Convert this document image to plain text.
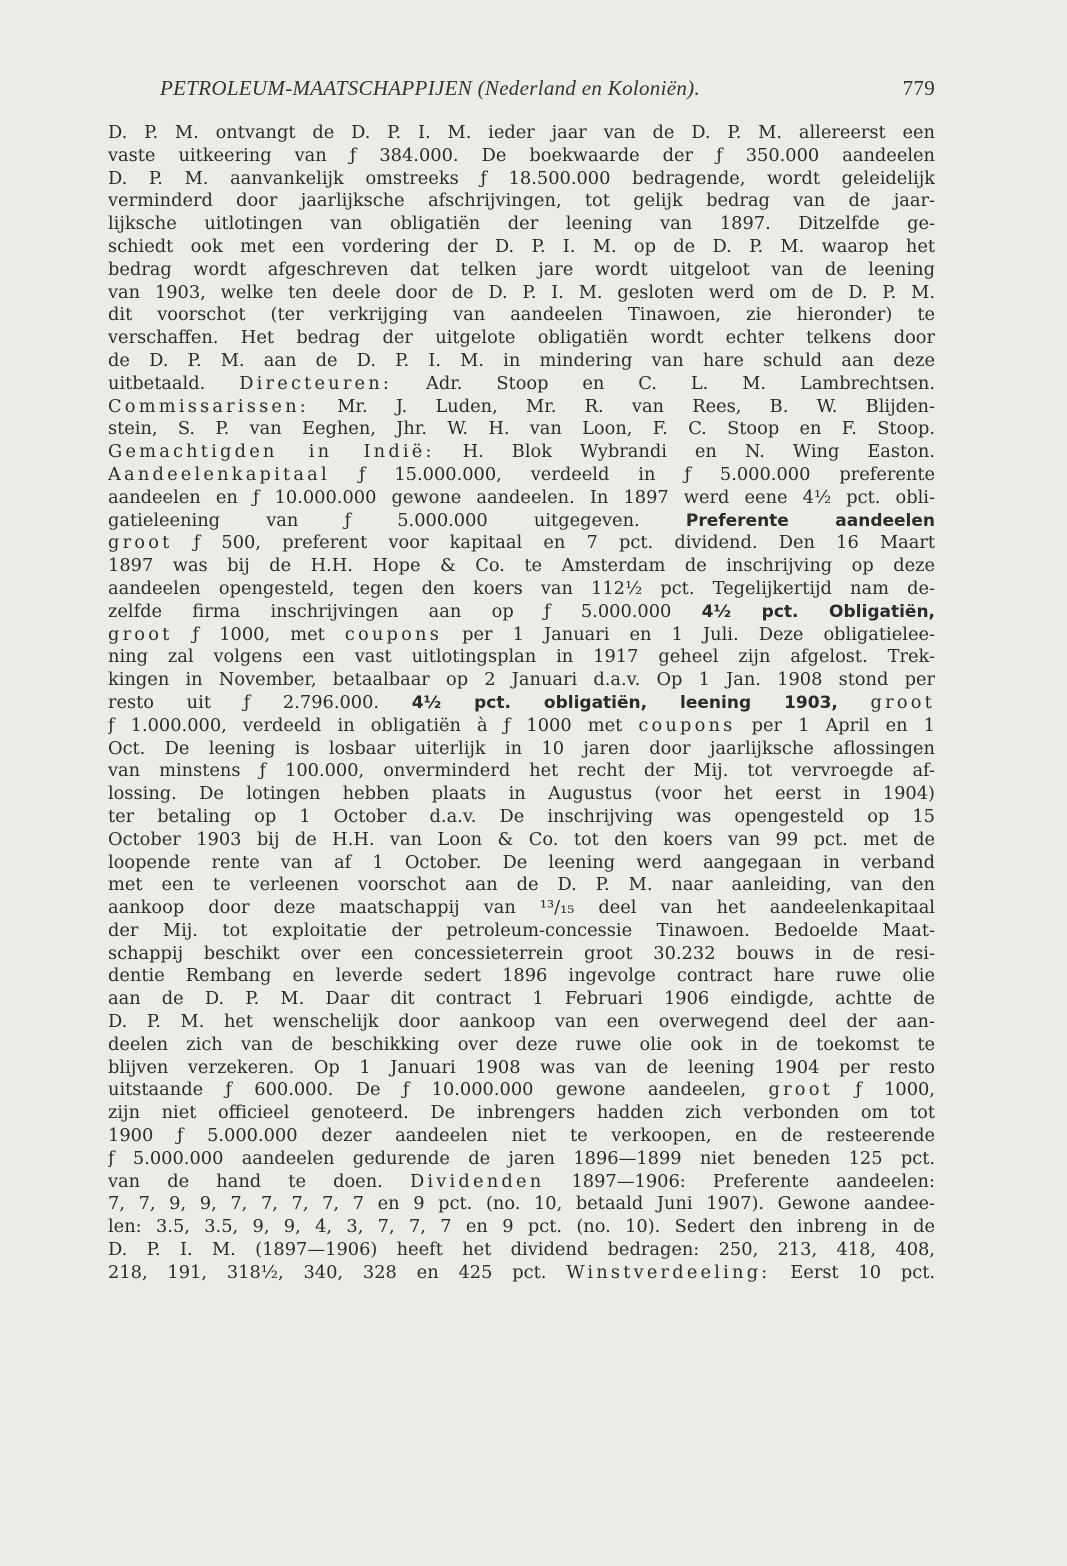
PETROLEUM-MAATSCHAPPIJEN (Nederland en Koloniën).	779
D. P. M. ontvangt de D. P. I. M. ieder jaar van de D. P. M. allereerst een
vaste uitkeering van ƒ 384.000. De boekwaarde der ƒ 350.000 aandeelen
D. P. M. aanvankelijk omstreeks ƒ 18.500.000 bedragende, wordt geleidelijk
verminderd door jaarlijksche afschrijvingen, tot gelijk bedrag van de jaar-
lijksche uitlotingen van obligatiën der leening van 1897. Ditzelfde ge-
schiedt ook met een vordering der D. P. I. M. op de D. P. M. waarop het
bedrag wordt afgeschreven dat telken jare wordt uitgeloot van de leening
van 1903, welke ten deele door de D. P. I. M. gesloten werd om de D. P. M.
dit voorschot (ter verkrijging van aandeelen Tinawoen, zie hieronder) te
verschaffen. Het bedrag der uitgelote obligatiën wordt echter telkens door
de D. P. M. aan de D. P. I. M. in mindering van hare schuld aan deze
uitbetaald. Directeuren: Adr. Stoop en C. L. M. Lambrechtsen.
Commissarissen: Mr. J. Luden, Mr. R. van Rees, B. W. Blijden-
stein, S. P. van Eeghen, Jhr. W. H. van Loon, F. C. Stoop en F. Stoop.
Gemachtigden in Indië: H. Blok Wybrandi en N. Wing Easton.
Aandeelenkapitaal ƒ 15.000.000, verdeeld in ƒ 5.000.000 preferente
aandeelen en ƒ 10.000.000 gewone aandeelen. In 1897 werd eene 4½ pct. obli-
gatieleening van ƒ 5.000.000 uitgegeven. Preferente aandeelen
groot ƒ 500, preferent voor kapitaal en 7 pct. dividend. Den 16 Maart
1897 was bij de H.H. Hope & Co. te Amsterdam de inschrijving op deze
aandeelen opengesteld, tegen den koers van 112½ pct. Tegelijkertijd nam de-
zelfde firma inschrijvingen aan op ƒ 5.000.000 4½ pct. Obligatiën,
groot ƒ 1000, met coupons per 1 Januari en 1 Juli. Deze obligatieleе-
ning zal volgens een vast uitlotingsplan in 1917 geheel zijn afgelost. Trek-
kingen in November, betaalbaar op 2 Januari d.a.v. Op 1 Jan. 1908 stond per
resto uit ƒ 2.796.000. 4½ pct. obligatiën, leening 1903, groot
ƒ 1.000.000, verdeeld in obligatiën à ƒ 1000 met coupons per 1 April en 1
Oct. De leening is losbaar uiterlijk in 10 jaren door jaarlijksche aflossingen
van minstens ƒ 100.000, onverminderd het recht der Mij. tot vervroegde af-
lossing. De lotingen hebben plaats in Augustus (voor het eerst in 1904)
ter betaling op 1 October d.a.v. De inschrijving was opengesteld op 15
October 1903 bij de H.H. van Loon & Co. tot den koers van 99 pct. met de
loopende rente van af 1 October. De leening werd aangegaan in verband
met een te verleenen voorschot aan de D. P. M. naar aanleiding, van den
aankoop door deze maatschappij van ¹³/₁₅ deel van het aandeelenkapitaal
der Mij. tot exploitatie der petroleum-concessie Tinawoen. Bedoelde Maat-
schappij beschikt over een concessieterrein groot 30.232 bouws in de resi-
dentie Rembang en leverde sedert 1896 ingevolge contract hare ruwe olie
aan de D. P. M. Daar dit contract 1 Februari 1906 eindigde, achtte de
D. P. M. het wenschelijk door aankoop van een overwegend deel der aan-
deelen zich van de beschikking over deze ruwe olie ook in de toekomst te
blijven verzekeren. Op 1 Januari 1908 was van de leening 1904 per resto
uitstaande ƒ 600.000. De ƒ 10.000.000 gewone aandeelen, groot ƒ 1000,
zijn niet officieel genoteerd. De inbrengers hadden zich verbonden om tot
1900 ƒ 5.000.000 dezer aandeelen niet te verkoopen, en de resteerende
ƒ 5.000.000 aandeelen gedurende de jaren 1896—1899 niet beneden 125 pct.
van de hand te doen. Dividenden 1897—1906: Preferente aandeelen:
7, 7, 9, 9, 7, 7, 7, 7, 7 en 9 pct. (no. 10, betaald Juni 1907). Gewone aandee-
len: 3.5, 3.5, 9, 9, 4, 3, 7, 7, 7 en 9 pct. (no. 10). Sedert den inbreng in de
D. P. I. M. (1897—1906) heeft het dividend bedragen: 250, 213, 418, 408,
218, 191, 318½, 340, 328 en 425 pct. Winstverdeeling: Eerst 10 pct.
